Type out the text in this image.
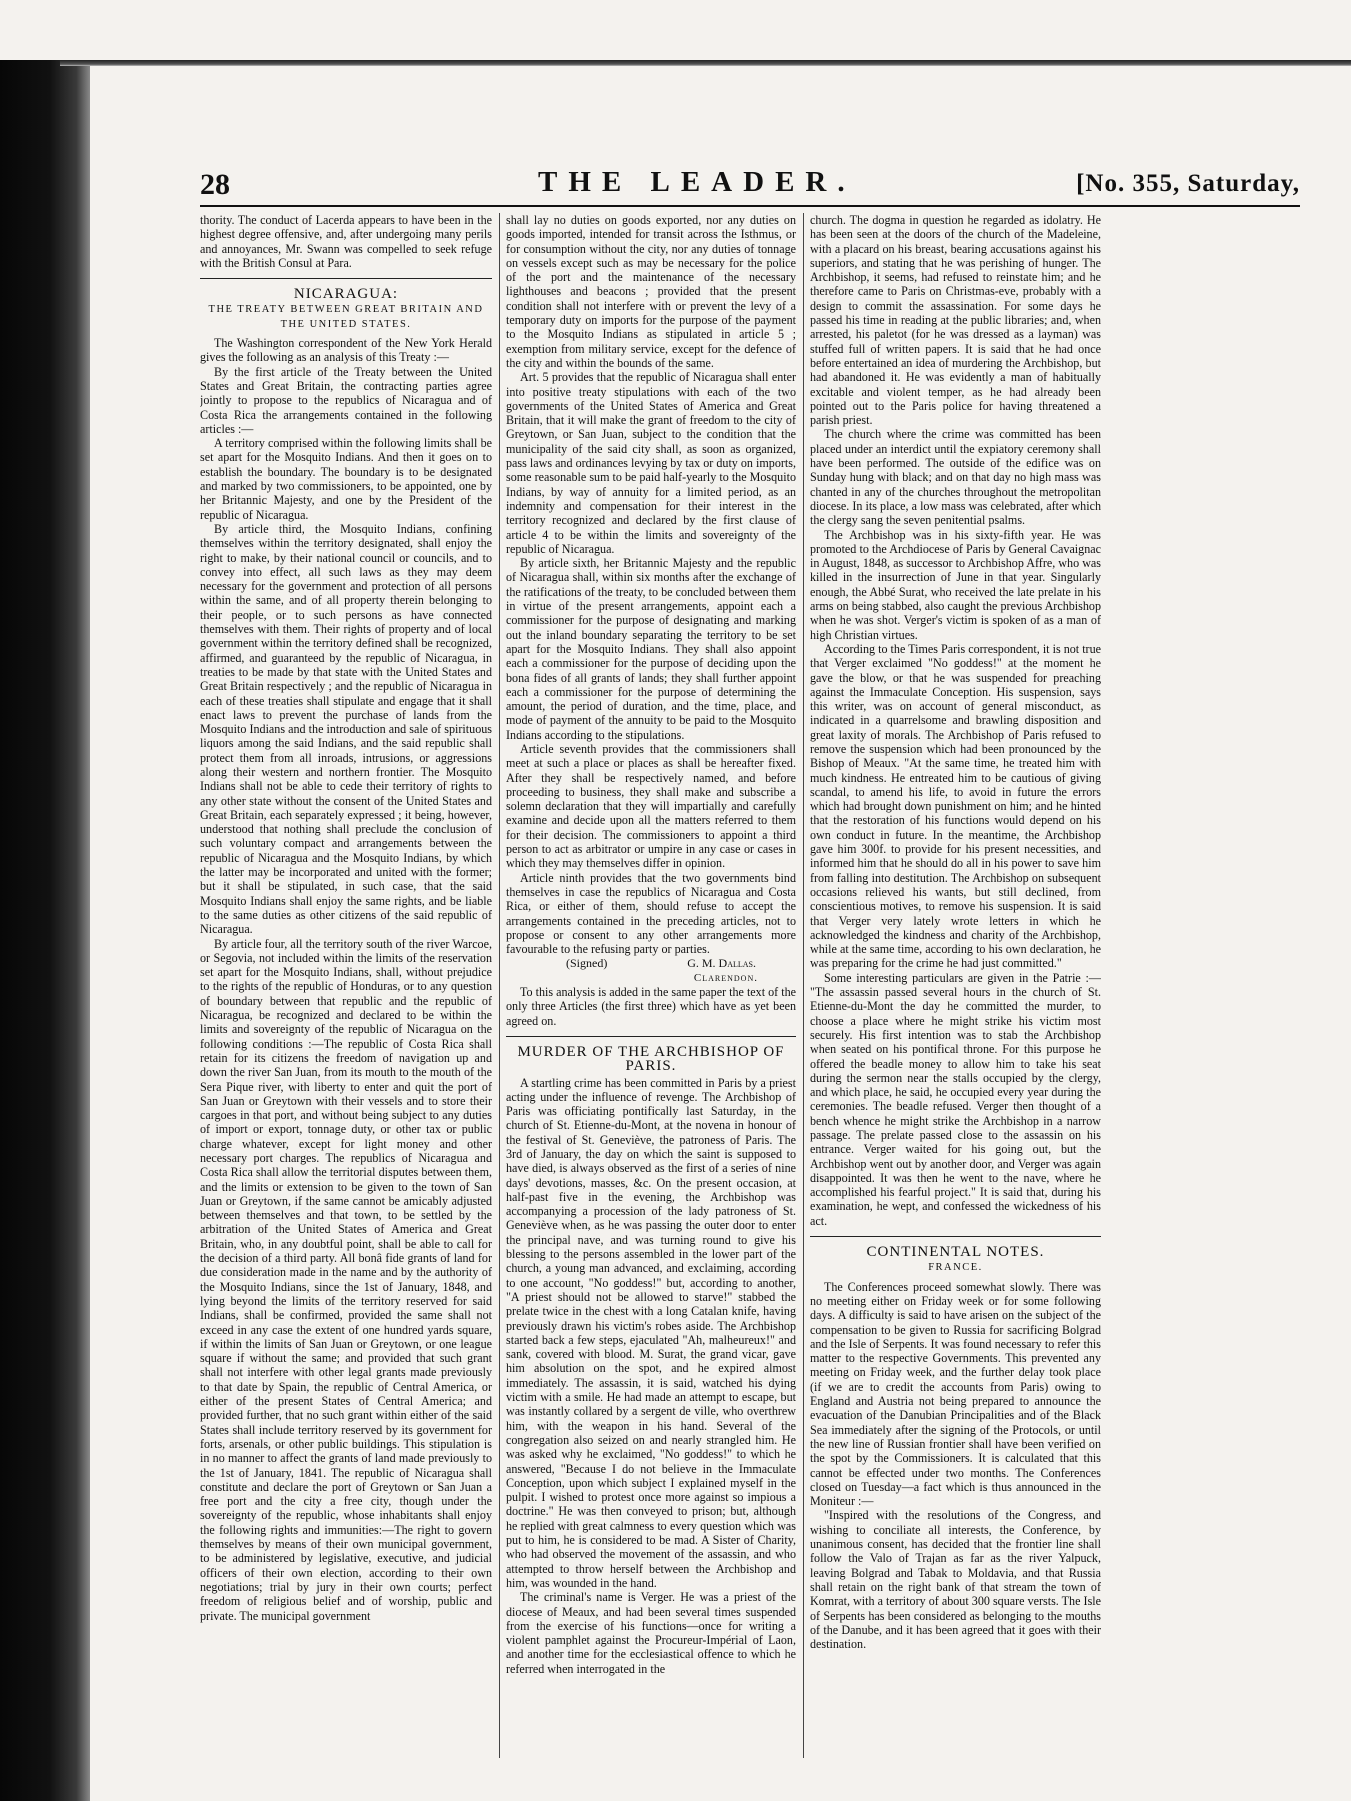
28	THE LEADER.	[No. 355, Saturday,

thority. The conduct of Lacerda appears to have been in the highest degree offensive, and, after undergoing many perils and annoyances, Mr. Swann was compelled to seek refuge with the British Consul at Para.

NICARAGUA:
THE TREATY BETWEEN GREAT BRITAIN AND THE UNITED STATES.

The Washington correspondent of the New York Herald gives the following as an analysis of this Treaty :—

By the first article of the Treaty between the United States and Great Britain, the contracting parties agree jointly to propose to the republics of Nicaragua and of Costa Rica the arrangements contained in the following articles :—

A territory comprised within the following limits shall be set apart for the Mosquito Indians. And then it goes on to establish the boundary. The boundary is to be designated and marked by two commissioners, to be appointed, one by her Britannic Majesty, and one by the President of the republic of Nicaragua.

By article third, the Mosquito Indians, confining themselves within the territory designated, shall enjoy the right to make, by their national council or councils, and to convey into effect, all such laws as they may deem necessary for the government and protection of all persons within the same, and of all property therein belonging to their people, or to such persons as have connected themselves with them. Their rights of property and of local government within the territory defined shall be recognized, affirmed, and guaranteed by the republic of Nicaragua, in treaties to be made by that state with the United States and Great Britain respectively ; and the republic of Nicaragua in each of these treaties shall stipulate and engage that it shall enact laws to prevent the purchase of lands from the Mosquito Indians and the introduction and sale of spirituous liquors among the said Indians, and the said republic shall protect them from all inroads, intrusions, or aggressions along their western and northern frontier. The Mosquito Indians shall not be able to cede their territory of rights to any other state without the consent of the United States and Great Britain, each separately expressed ; it being, however, understood that nothing shall preclude the conclusion of such voluntary compact and arrangements between the republic of Nicaragua and the Mosquito Indians, by which the latter may be incorporated and united with the former; but it shall be stipulated, in such case, that the said Mosquito Indians shall enjoy the same rights, and be liable to the same duties as other citizens of the said republic of Nicaragua.

By article four, all the territory south of the river Warcoe, or Segovia, not included within the limits of the reservation set apart for the Mosquito Indians, shall, without prejudice to the rights of the republic of Honduras, or to any question of boundary between that republic and the republic of Nicaragua, be recognized and declared to be within the limits and sovereignty of the republic of Nicaragua on the following conditions :—The republic of Costa Rica shall retain for its citizens the freedom of navigation up and down the river San Juan, from its mouth to the mouth of the Sera Pique river, with liberty to enter and quit the port of San Juan or Greytown with their vessels and to store their cargoes in that port, and without being subject to any duties of import or export, tonnage duty, or other tax or public charge whatever, except for light money and other necessary port charges. The republics of Nicaragua and Costa Rica shall allow the territorial disputes between them, and the limits or extension to be given to the town of San Juan or Greytown, if the same cannot be amicably adjusted between themselves and that town, to be settled by the arbitration of the United States of America and Great Britain, who, in any doubtful point, shall be able to call for the decision of a third party. All bonâ fide grants of land for due consideration made in the name and by the authority of the Mosquito Indians, since the 1st of January, 1848, and lying beyond the limits of the territory reserved for said Indians, shall be confirmed, provided the same shall not exceed in any case the extent of one hundred yards square, if within the limits of San Juan or Greytown, or one league square if without the same; and provided that such grant shall not interfere with other legal grants made previously to that date by Spain, the republic of Central America, or either of the present States of Central America; and provided further, that no such grant within either of the said States shall include territory reserved by its government for forts, arsenals, or other public buildings. This stipulation is in no manner to affect the grants of land made previously to the 1st of January, 1841. The republic of Nicaragua shall constitute and declare the port of Greytown or San Juan a free port and the city a free city, though under the sovereignty of the republic, whose inhabitants shall enjoy the following rights and immunities:—The right to govern themselves by means of their own municipal government, to be administered by legislative, executive, and judicial officers of their own election, according to their own negotiations; trial by jury in their own courts; perfect freedom of religious belief and of worship, public and private. The municipal government

shall lay no duties on goods exported, nor any duties on goods imported, intended for transit across the Isthmus, or for consumption without the city, nor any duties of tonnage on vessels except such as may be necessary for the police of the port and the maintenance of the necessary lighthouses and beacons ; provided that the present condition shall not interfere with or prevent the levy of a temporary duty on imports for the purpose of the payment to the Mosquito Indians as stipulated in article 5 ; exemption from military service, except for the defence of the city and within the bounds of the same.

Art. 5 provides that the republic of Nicaragua shall enter into positive treaty stipulations with each of the two governments of the United States of America and Great Britain, that it will make the grant of freedom to the city of Greytown, or San Juan, subject to the condition that the municipality of the said city shall, as soon as organized, pass laws and ordinances levying by tax or duty on imports, some reasonable sum to be paid half-yearly to the Mosquito Indians, by way of annuity for a limited period, as an indemnity and compensation for their interest in the territory recognized and declared by the first clause of article 4 to be within the limits and sovereignty of the republic of Nicaragua.

By article sixth, her Britannic Majesty and the republic of Nicaragua shall, within six months after the exchange of the ratifications of the treaty, to be concluded between them in virtue of the present arrangements, appoint each a commissioner for the purpose of designating and marking out the inland boundary separating the territory to be set apart for the Mosquito Indians. They shall also appoint each a commissioner for the purpose of deciding upon the bona fides of all grants of lands; they shall further appoint each a commissioner for the purpose of determining the amount, the period of duration, and the time, place, and mode of payment of the annuity to be paid to the Mosquito Indians according to the stipulations.

Article seventh provides that the commissioners shall meet at such a place or places as shall be hereafter fixed. After they shall be respectively named, and before proceeding to business, they shall make and subscribe a solemn declaration that they will impartially and carefully examine and decide upon all the matters referred to them for their decision. The commissioners to appoint a third person to act as arbitrator or umpire in any case or cases in which they may themselves differ in opinion.

Article ninth provides that the two governments bind themselves in case the republics of Nicaragua and Costa Rica, or either of them, should refuse to accept the arrangements contained in the preceding articles, not to propose or consent to any other arrangements more favourable to the refusing party or parties.

(Signed)	G. M. Dallas.
Clarendon.

To this analysis is added in the same paper the text of the only three Articles (the first three) which have as yet been agreed on.

MURDER OF THE ARCHBISHOP OF PARIS.

A startling crime has been committed in Paris by a priest acting under the influence of revenge. The Archbishop of Paris was officiating pontifically last Saturday, in the church of St. Etienne-du-Mont, at the novena in honour of the festival of St. Geneviève, the patroness of Paris. The 3rd of January, the day on which the saint is supposed to have died, is always observed as the first of a series of nine days' devotions, masses, &c. On the present occasion, at half-past five in the evening, the Archbishop was accompanying a procession of the lady patroness of St. Geneviève when, as he was passing the outer door to enter the principal nave, and was turning round to give his blessing to the persons assembled in the lower part of the church, a young man advanced, and exclaiming, according to one account, "No goddess!" but, according to another, "A priest should not be allowed to starve!" stabbed the prelate twice in the chest with a long Catalan knife, having previously drawn his victim's robes aside. The Archbishop started back a few steps, ejaculated "Ah, malheureux!" and sank, covered with blood. M. Surat, the grand vicar, gave him absolution on the spot, and he expired almost immediately. The assassin, it is said, watched his dying victim with a smile. He had made an attempt to escape, but was instantly collared by a sergent de ville, who overthrew him, with the weapon in his hand. Several of the congregation also seized on and nearly strangled him. He was asked why he exclaimed, "No goddess!" to which he answered, "Because I do not believe in the Immaculate Conception, upon which subject I explained myself in the pulpit. I wished to protest once more against so impious a doctrine." He was then conveyed to prison; but, although he replied with great calmness to every question which was put to him, he is considered to be mad. A Sister of Charity, who had observed the movement of the assassin, and who attempted to throw herself between the Archbishop and him, was wounded in the hand.

The criminal's name is Verger. He was a priest of the diocese of Meaux, and had been several times suspended from the exercise of his functions—once for writing a violent pamphlet against the Procureur-Impérial of Laon, and another time for the ecclesiastical offence to which he referred when interrogated in the

church. The dogma in question he regarded as idolatry. He has been seen at the doors of the church of the Madeleine, with a placard on his breast, bearing accusations against his superiors, and stating that he was perishing of hunger. The Archbishop, it seems, had refused to reinstate him; and he therefore came to Paris on Christmas-eve, probably with a design to commit the assassination. For some days he passed his time in reading at the public libraries; and, when arrested, his paletot (for he was dressed as a layman) was stuffed full of written papers. It is said that he had once before entertained an idea of murdering the Archbishop, but had abandoned it. He was evidently a man of habitually excitable and violent temper, as he had already been pointed out to the Paris police for having threatened a parish priest.

The church where the crime was committed has been placed under an interdict until the expiatory ceremony shall have been performed. The outside of the edifice was on Sunday hung with black; and on that day no high mass was chanted in any of the churches throughout the metropolitan diocese. In its place, a low mass was celebrated, after which the clergy sang the seven penitential psalms.

The Archbishop was in his sixty-fifth year. He was promoted to the Archdiocese of Paris by General Cavaignac in August, 1848, as successor to Archbishop Affre, who was killed in the insurrection of June in that year. Singularly enough, the Abbé Surat, who received the late prelate in his arms on being stabbed, also caught the previous Archbishop when he was shot. Verger's victim is spoken of as a man of high Christian virtues.

According to the Times Paris correspondent, it is not true that Verger exclaimed "No goddess!" at the moment he gave the blow, or that he was suspended for preaching against the Immaculate Conception. His suspension, says this writer, was on account of general misconduct, as indicated in a quarrelsome and brawling disposition and great laxity of morals. The Archbishop of Paris refused to remove the suspension which had been pronounced by the Bishop of Meaux. "At the same time, he treated him with much kindness. He entreated him to be cautious of giving scandal, to amend his life, to avoid in future the errors which had brought down punishment on him; and he hinted that the restoration of his functions would depend on his own conduct in future. In the meantime, the Archbishop gave him 300f. to provide for his present necessities, and informed him that he should do all in his power to save him from falling into destitution. The Archbishop on subsequent occasions relieved his wants, but still declined, from conscientious motives, to remove his suspension. It is said that Verger very lately wrote letters in which he acknowledged the kindness and charity of the Archbishop, while at the same time, according to his own declaration, he was preparing for the crime he had just committed."

Some interesting particulars are given in the Patrie :— "The assassin passed several hours in the church of St. Etienne-du-Mont the day he committed the murder, to choose a place where he might strike his victim most securely. His first intention was to stab the Archbishop when seated on his pontifical throne. For this purpose he offered the beadle money to allow him to take his seat during the sermon near the stalls occupied by the clergy, and which place, he said, he occupied every year during the ceremonies. The beadle refused. Verger then thought of a bench whence he might strike the Archbishop in a narrow passage. The prelate passed close to the assassin on his entrance. Verger waited for his going out, but the Archbishop went out by another door, and Verger was again disappointed. It was then he went to the nave, where he accomplished his fearful project." It is said that, during his examination, he wept, and confessed the wickedness of his act.

CONTINENTAL NOTES.
FRANCE.

The Conferences proceed somewhat slowly. There was no meeting either on Friday week or for some following days. A difficulty is said to have arisen on the subject of the compensation to be given to Russia for sacrificing Bolgrad and the Isle of Serpents. It was found necessary to refer this matter to the respective Governments. This prevented any meeting on Friday week, and the further delay took place (if we are to credit the accounts from Paris) owing to England and Austria not being prepared to announce the evacuation of the Danubian Principalities and of the Black Sea immediately after the signing of the Protocols, or until the new line of Russian frontier shall have been verified on the spot by the Commissioners. It is calculated that this cannot be effected under two months. The Conferences closed on Tuesday—a fact which is thus announced in the Moniteur :—

"Inspired with the resolutions of the Congress, and wishing to conciliate all interests, the Conference, by unanimous consent, has decided that the frontier line shall follow the Valo of Trajan as far as the river Yalpuck, leaving Bolgrad and Tabak to Moldavia, and that Russia shall retain on the right bank of that stream the town of Komrat, with a territory of about 300 square versts. The Isle of Serpents has been considered as belonging to the mouths of the Danube, and it has been agreed that it goes with their destination.
